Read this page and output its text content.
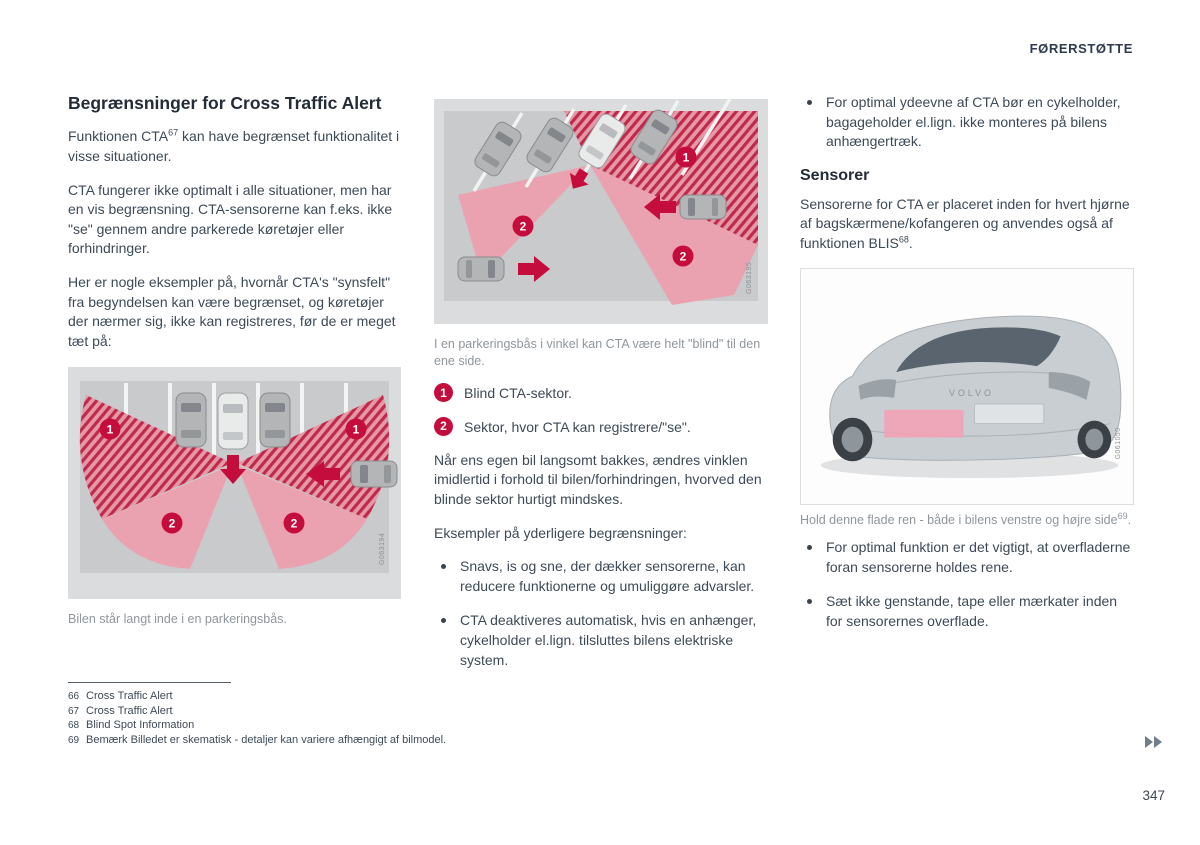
FØRERSTØTTE
Begrænsninger for Cross Traffic Alert

Funktionen CTA$^{67}$ kan have begrænset funktionalitet i visse situationer.

CTA fungerer ikke optimalt i alle situationer, men har en vis begrænsning. CTA-sensorerne kan f.eks. ikke "se" gennem andre parkerede køretøjer eller forhindringer.

Her er nogle eksempler på, hvornår CTA's "synsfelt" fra begyndelsen kan være begrænset, og køretøjer der nærmer sig, ikke kan registreres, før de er meget tæt på:

1	1
2	2
G063194
Bilen står langt inde i en parkeringsbås.
1
2
2
G063195
I en parkeringsbås i vinkel kan CTA være helt "blind" til den ene side.
1	Blind CTA-sektor.
2	Sektor, hvor CTA kan registrere/"se".

Når ens egen bil langsomt bakkes, ændres vinklen imidlertid i forhold til bilen/forhindringen, hvorved den blinde sektor hurtigt mindskes.

Eksempler på yderligere begrænsninger:

Snavs, is og sne, der dækker sensorerne, kan reducere funktionerne og umuliggøre advarsler.
CTA deaktiveres automatisk, hvis en anhænger, cykelholder el.lign. tilsluttes bilens elektriske system.
For optimal ydeevne af CTA bør en cykelholder, bagageholder el.lign. ikke monteres på bilens anhængertræk.
Sensorer

Sensorerne for CTA er placeret inden for hvert hjørne af bagskærmene/kofangeren og anvendes også af funktionen BLIS$^{68}$.

VOLVO
G061050
Hold denne flade ren - både i bilens venstre og højre side$^{69}$.
For optimal funktion er det vigtigt, at overfladerne foran sensorerne holdes rene.
Sæt ikke genstande, tape eller mærkater inden for sensorernes overflade.
66 Cross Traffic Alert
67 Cross Traffic Alert
68 Blind Spot Information
69 Bemærk Billedet er skematisk - detaljer kan variere afhængigt af bilmodel.
347
